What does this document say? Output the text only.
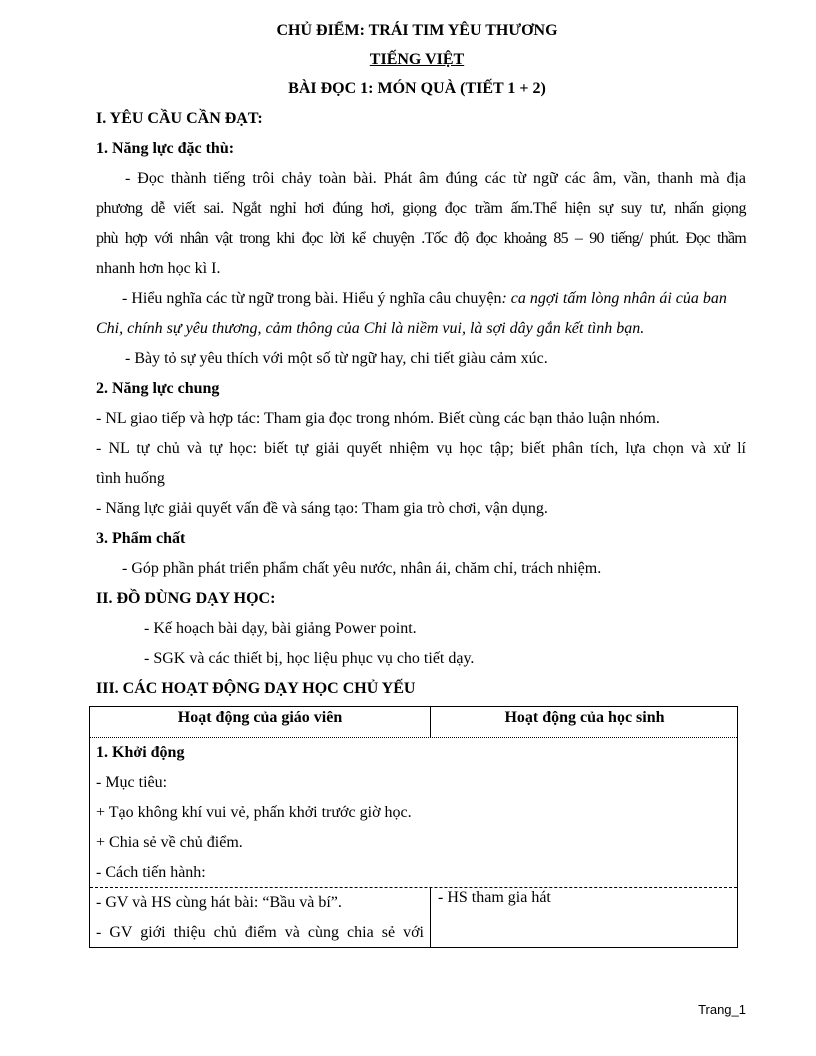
CHỦ ĐIỂM: TRÁI TIM YÊU THƯƠNG
TIẾNG VIỆT
BÀI ĐỌC 1: MÓN QUÀ (TIẾT 1 + 2)
I. YÊU CẦU CẦN ĐẠT:
1. Năng lực đặc thù:
- Đọc thành tiếng trôi chảy toàn bài. Phát âm đúng các từ ngữ các âm, vần, thanh mà địa
phương dễ viết sai. Ngắt nghỉ hơi đúng hơi, giọng đọc trầm ấm.Thể hiện sự suy tư, nhấn giọng
phù hợp với nhân vật trong khi đọc lời kể chuyện .Tốc độ đọc khoảng 85 – 90 tiếng/ phút. Đọc thầm
nhanh hơn học kì I.
- Hiểu nghĩa các từ ngữ trong bài. Hiểu ý nghĩa câu chuyện: ca ngợi tấm lòng nhân ái của ban
Chi, chính sự yêu thương, cảm thông của Chi là niềm vui, là sợi dây gắn kết tình bạn.
- Bày tỏ sự yêu thích với một số từ ngữ hay, chi tiết giàu cảm xúc.
2. Năng lực chung
- NL giao tiếp và hợp tác: Tham gia đọc trong nhóm. Biết cùng các bạn thảo luận nhóm.
- NL tự chủ và tự học: biết tự giải quyết nhiệm vụ học tập; biết phân tích, lựa chọn và xử lí
tình huống
- Năng lực giải quyết vấn đề và sáng tạo: Tham gia trò chơi, vận dụng.
3. Phẩm chất
- Góp phần phát triển phẩm chất yêu nước, nhân ái, chăm chỉ, trách nhiệm.
II. ĐỒ DÙNG DẠY HỌC:
- Kế hoạch bài dạy, bài giảng Power point.
- SGK và các thiết bị, học liệu phục vụ cho tiết dạy.
III. CÁC HOẠT ĐỘNG DẠY HỌC CHỦ YẾU
Hoạt động của giáo viên	Hoạt động của học sinh
1. Khởi động
- Mục tiêu:
+ Tạo không khí vui vẻ, phấn khởi trước giờ học.
+ Chia sẻ về chủ điểm.
- Cách tiến hành:
- GV và HS cùng hát bài: “Bầu và bí”.
- GV giới thiệu chủ điểm và cùng chia sẻ với
- HS tham gia hát
Trang_1
